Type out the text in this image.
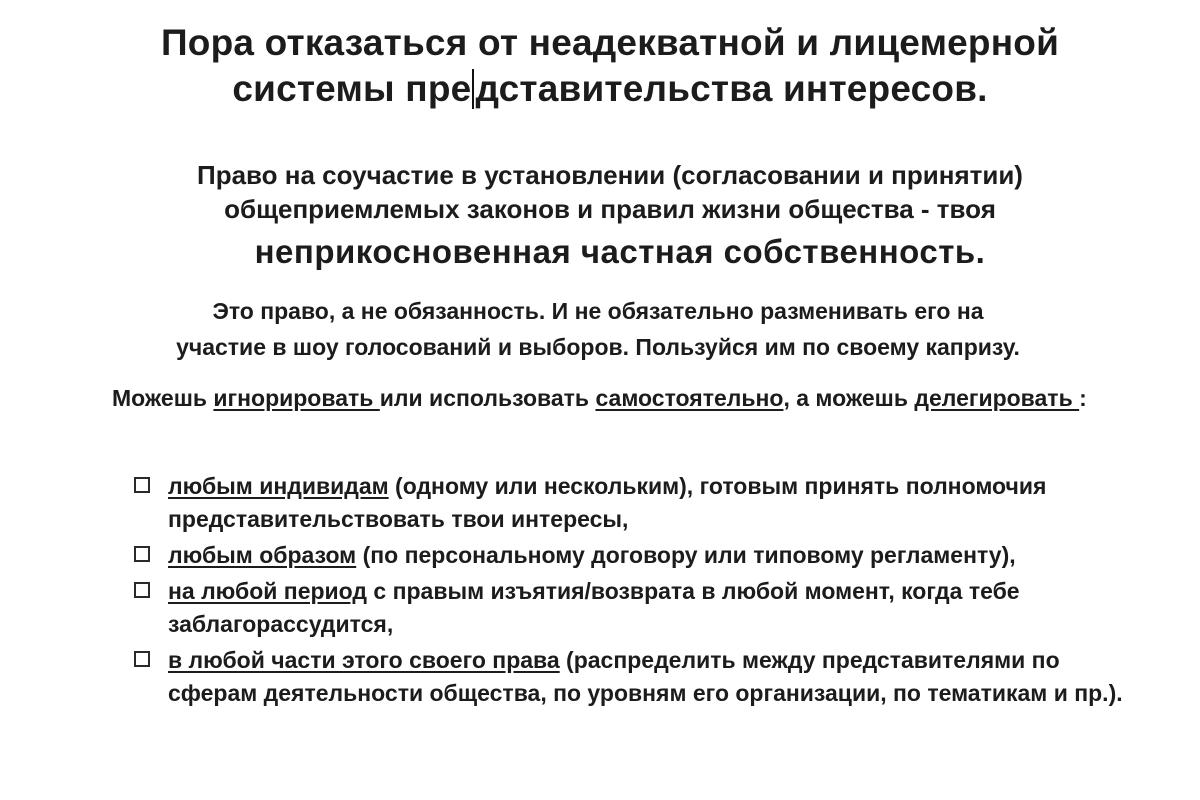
Пора отказаться от неадекватной и лицемерной
системы пре дставительства интересов.
Право на соучастие в установлении (согласовании и принятии)
общеприемлемых законов и правил жизни общества - твоя
неприкосновенная частная собственность.
Это право, а не обязанность. И не обязательно разменивать его на
участие в шоу голосований и выборов. Пользуйся им по своему капризу.
Можешь игнорировать или использовать самостоятельно, а можешь делегировать :
любым индивидам (одному или нескольким), готовым принять полномочия представительствовать твои интересы,
любым образом (по персональному договору или типовому регламенту),
на любой период с правым изъятия/возврата в любой момент, когда тебе заблагорассудится,
в любой части этого своего права (распределить между представителями по сферам деятельности общества, по уровням его организации, по тематикам и пр.).
